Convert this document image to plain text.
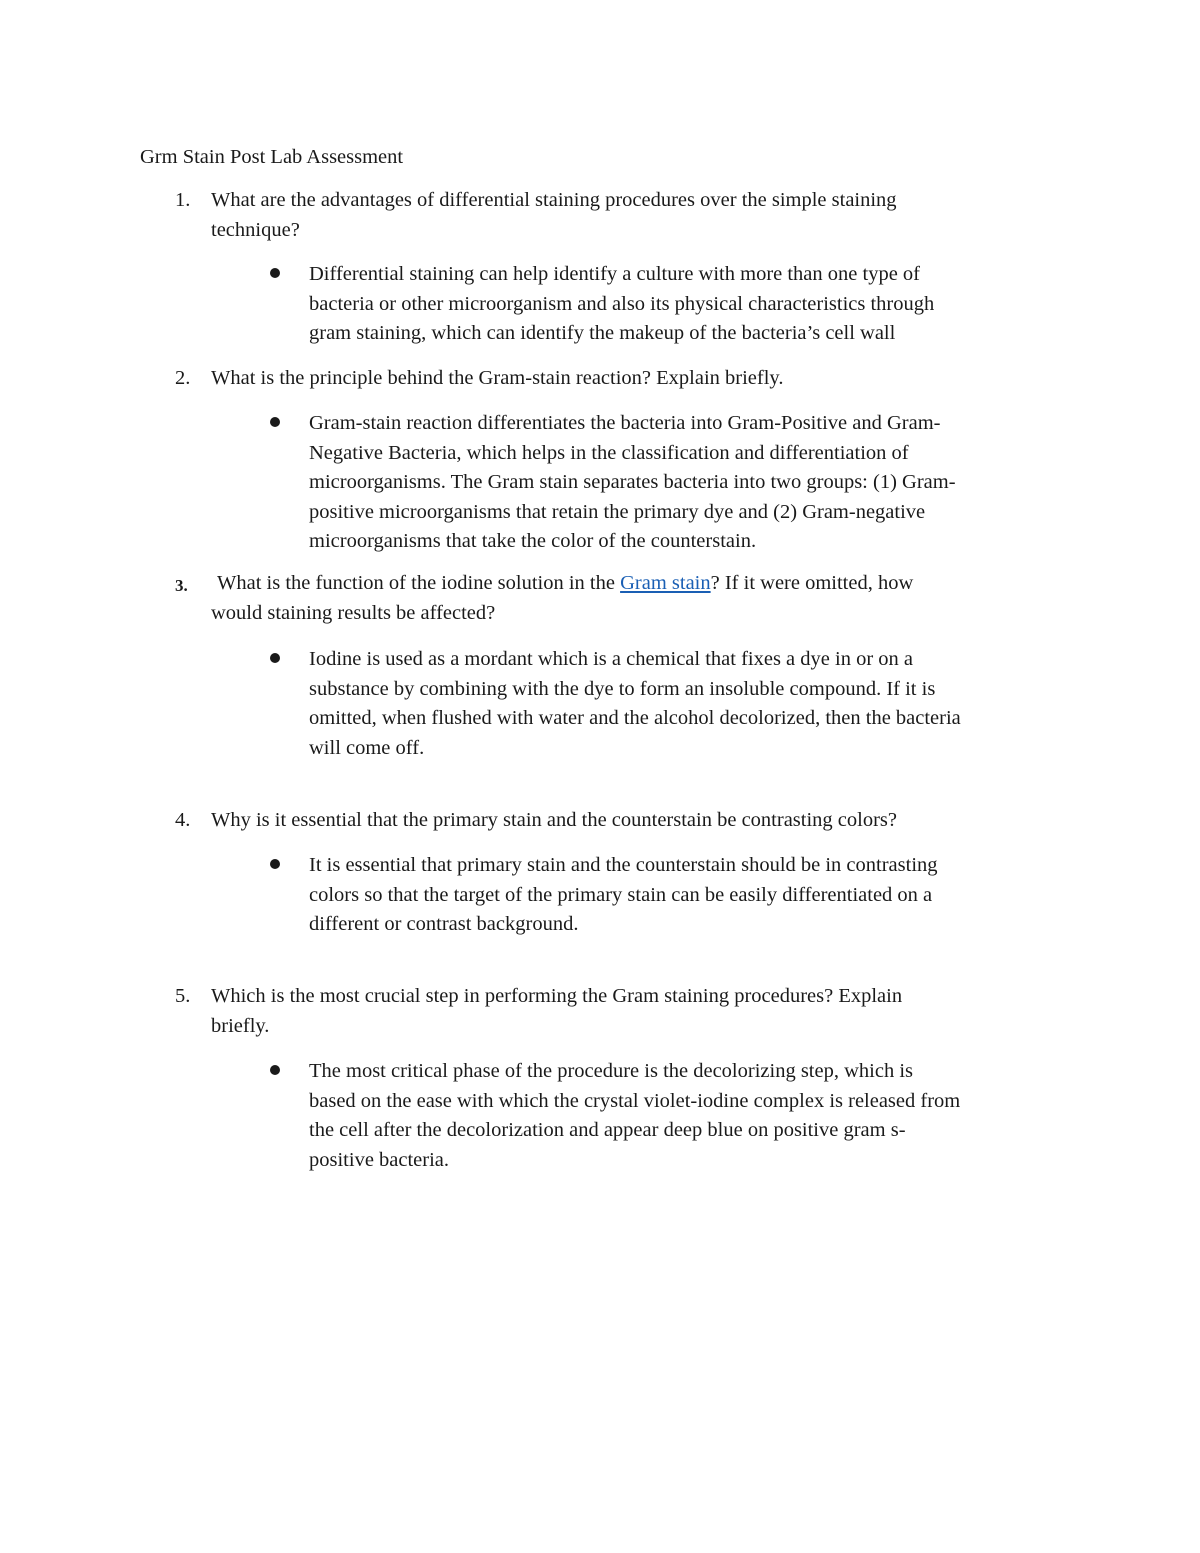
Grm Stain Post Lab Assessment
1. What are the advantages of differential staining procedures over the simple staining
technique?
Differential staining can help identify a culture with more than one type of
bacteria or other microorganism and also its physical characteristics through
gram staining, which can identify the makeup of the bacteria’s cell wall
2. What is the principle behind the Gram-stain reaction? Explain briefly.
Gram-stain reaction differentiates the bacteria into Gram-Positive and Gram-
Negative Bacteria, which helps in the classification and differentiation of
microorganisms. The Gram stain separates bacteria into two groups: (1) Gram-
positive microorganisms that retain the primary dye and (2) Gram-negative
microorganisms that take the color of the counterstain.
3. What is the function of the iodine solution in the Gram stain? If it were omitted, how
would staining results be affected?
Iodine is used as a mordant which is a chemical that fixes a dye in or on a
substance by combining with the dye to form an insoluble compound. If it is
omitted, when flushed with water and the alcohol decolorized, then the bacteria
will come off.
4. Why is it essential that the primary stain and the counterstain be contrasting colors?
It is essential that primary stain and the counterstain should be in contrasting
colors so that the target of the primary stain can be easily differentiated on a
different or contrast background.
5. Which is the most crucial step in performing the Gram staining procedures? Explain
briefly.
The most critical phase of the procedure is the decolorizing step, which is
based on the ease with which the crystal violet-iodine complex is released from
the cell after the decolorization and appear deep blue on positive gram s-
positive bacteria.
